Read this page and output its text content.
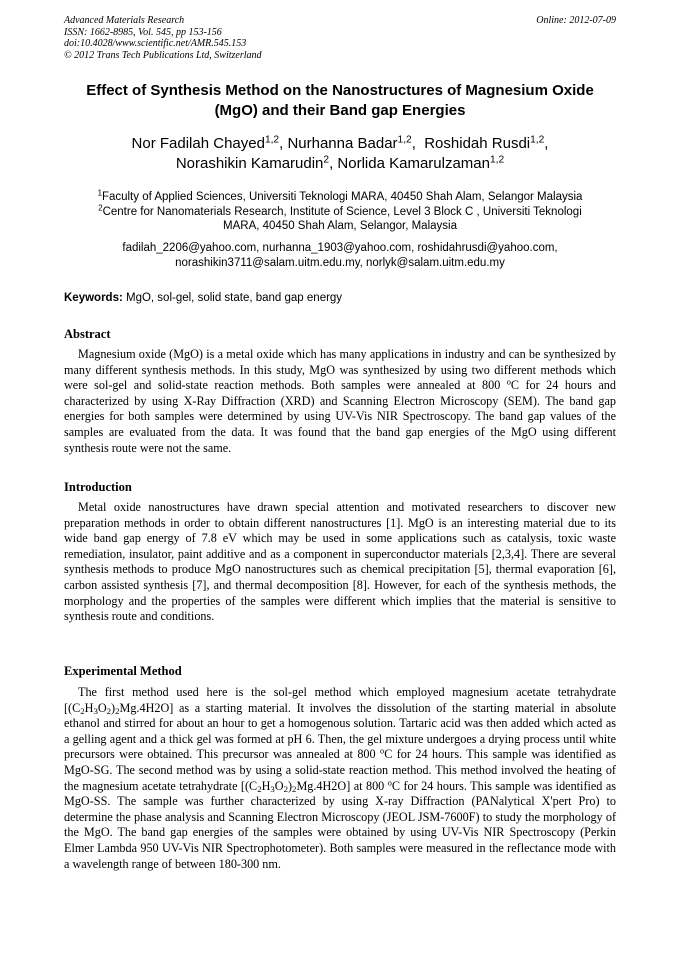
Advanced Materials Research
ISSN: 1662-8985, Vol. 545, pp 153-156
doi:10.4028/www.scientific.net/AMR.545.153
© 2012 Trans Tech Publications Ltd, Switzerland
Online: 2012-07-09
Effect of Synthesis Method on the Nanostructures of Magnesium Oxide
(MgO) and their Band gap Energies
Nor Fadilah Chayed$^{1,2}$, Nurhanna Badar$^{1,2}$, Roshidah Rusdi$^{1,2}$,
Norashikin Kamarudin$^2$, Norlida Kamarulzaman$^{1,2}$
$^1$Faculty of Applied Sciences, Universiti Teknologi MARA, 40450 Shah Alam, Selangor Malaysia
$^2$Centre for Nanomaterials Research, Institute of Science, Level 3 Block C , Universiti Teknologi
MARA, 40450 Shah Alam, Selangor, Malaysia
fadilah_2206@yahoo.com, nurhanna_1903@yahoo.com, roshidahrusdi@yahoo.com,
norashikin3711@salam.uitm.edu.my, norlyk@salam.uitm.edu.my
Keywords: MgO, sol-gel, solid state, band gap energy
Abstract
Magnesium oxide (MgO) is a metal oxide which has many applications in industry and can be synthesized by many different synthesis methods. In this study, MgO was synthesized by using two different methods which were sol-gel and solid-state reaction methods. Both samples were annealed at 800 $^o$C for 24 hours and characterized by using X-Ray Diffraction (XRD) and Scanning Electron Microscopy (SEM). The band gap energies for both samples were determined by using UV-Vis NIR Spectroscopy. The band gap values of the samples are evaluated from the data. It was found that the band gap energies of the MgO using different synthesis route were not the same.
Introduction
Metal oxide nanostructures have drawn special attention and motivated researchers to discover new preparation methods in order to obtain different nanostructures [1]. MgO is an interesting material due to its wide band gap energy of 7.8 eV which may be used in some applications such as catalysis, toxic waste remediation, insulator, paint additive and as a component in superconductor materials [2,3,4]. There are several synthesis methods to produce MgO nanostructures such as chemical precipitation [5], thermal evaporation [6], carbon assisted synthesis [7], and thermal decomposition [8]. However, for each of the synthesis methods, the morphology and the properties of the samples were different which implies that the material is sensitive to synthesis route and conditions.
Experimental Method
The first method used here is the sol-gel method which employed magnesium acetate tetrahydrate $[(C_2H_3O_2)_2Mg.4H2O]$ as a starting material. It involves the dissolution of the starting material in absolute ethanol and stirred for about an hour to get a homogenous solution. Tartaric acid was then added which acted as a gelling agent and a thick gel was formed at pH 6. Then, the gel mixture undergoes a drying process until white precursors were obtained. This precursor was annealed at 800 $^o$C for 24 hours. This sample was identified as MgO-SG. The second method was by using a solid-state reaction method. This method involved the heating of the magnesium acetate tetrahydrate $[(C_2H_3O_2)_2Mg.4H2O]$ at 800 $^o$C for 24 hours. This sample was identified as MgO-SS. The sample was further characterized by using X-ray Diffraction (PANalytical X'pert Pro) to determine the phase analysis and Scanning Electron Microscopy (JEOL JSM-7600F) to study the morphology of the MgO. The band gap energies of the samples were obtained by using UV-Vis NIR Spectroscopy (Perkin Elmer Lambda 950 UV-Vis NIR Spectrophotometer). Both samples were measured in the reflectance mode with a wavelength range of between 180-300 nm.
